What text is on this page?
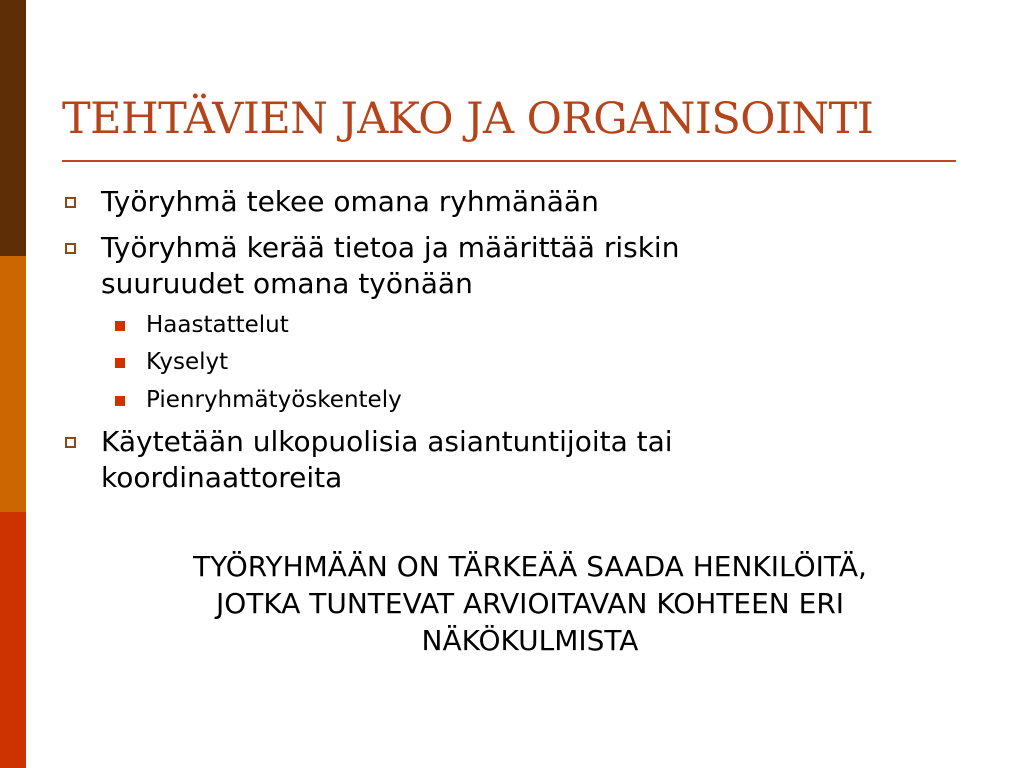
TEHTÄVIEN JAKO JA ORGANISOINTI
Työryhmä tekee omana ryhmänään
Työryhmä kerää tietoa ja määrittää riskin
suuruudet omana työnään
Haastattelut
Kyselyt
Pienryhmätyöskentely
Käytetään ulkopuolisia asiantuntijoita tai
koordinaattoreita
TYÖRYHMÄÄN ON TÄRKEÄÄ SAADA HENKILÖITÄ,
JOTKA TUNTEVAT ARVIOITAVAN KOHTEEN ERI
NÄKÖKULMISTA
